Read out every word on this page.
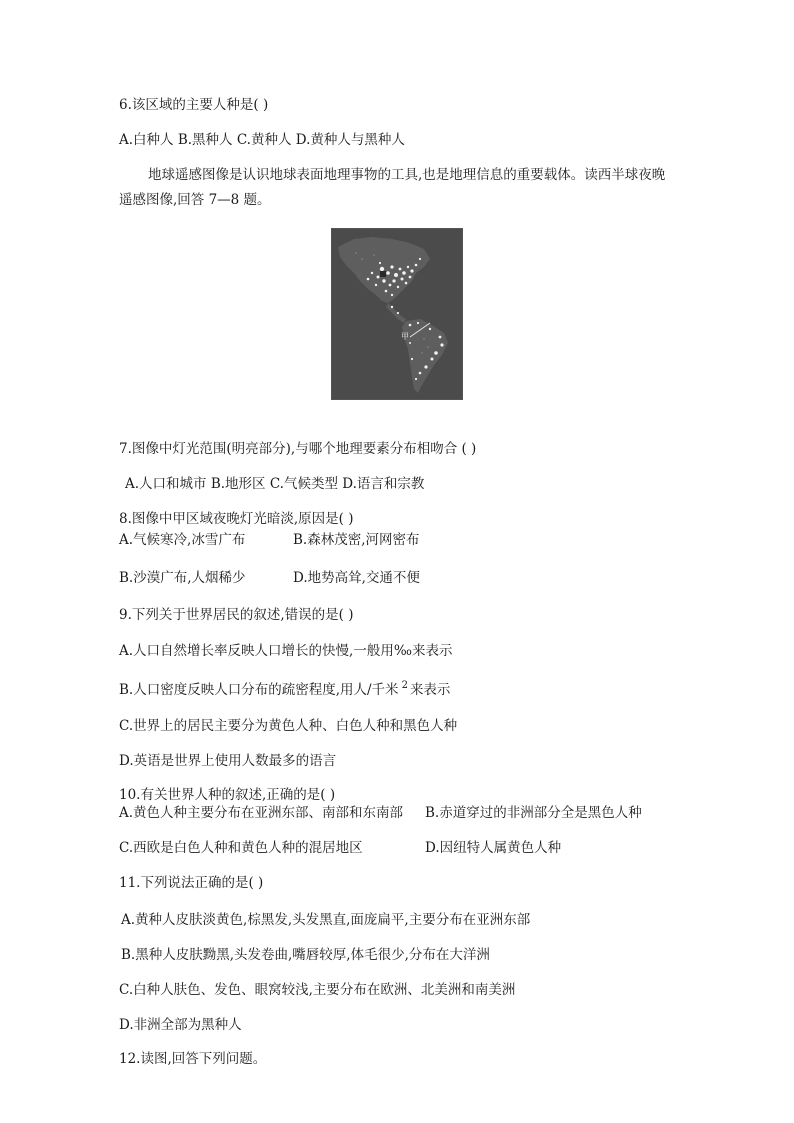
6.该区域的主要人种是( )
A.白种人 B.黑种人 C.黄种人 D.黄种人与黑种人
地球遥感图像是认识地球表面地理事物的工具,也是地理信息的重要载体。读西半球夜晚
遥感图像,回答 7—8 题。
甲
7.图像中灯光范围(明亮部分),与哪个地理要素分布相吻合 ( )
A.人口和城市 B.地形区 C.气候类型 D.语言和宗教
8.图像中甲区域夜晚灯光暗淡,原因是( )
A.气候寒冷,冰雪广布	B.森林茂密,河网密布
B.沙漠广布,人烟稀少	D.地势高耸,交通不便
9.下列关于世界居民的叙述,错误的是( )
A.人口自然增长率反映人口增长的快慢,一般用‰来表示
B.人口密度反映人口分布的疏密程度,用人/千米 $^2$ 来表示
C.世界上的居民主要分为黄色人种、白色人种和黑色人种
D.英语是世界上使用人数最多的语言
10.有关世界人种的叙述,正确的是( )
A.黄色人种主要分布在亚洲东部、南部和东南部 B.赤道穿过的非洲部分全是黑色人种
C.西欧是白色人种和黄色人种的混居地区	D.因纽特人属黄色人种
11.下列说法正确的是( )
A.黄种人皮肤淡黄色,棕黑发,头发黑直,面庞扁平,主要分布在亚洲东部
B.黑种人皮肤黝黑,头发卷曲,嘴唇较厚,体毛很少,分布在大洋洲
C.白种人肤色、发色、眼窝较浅,主要分布在欧洲、北美洲和南美洲
D.非洲全部为黑种人
12.读图,回答下列问题。
